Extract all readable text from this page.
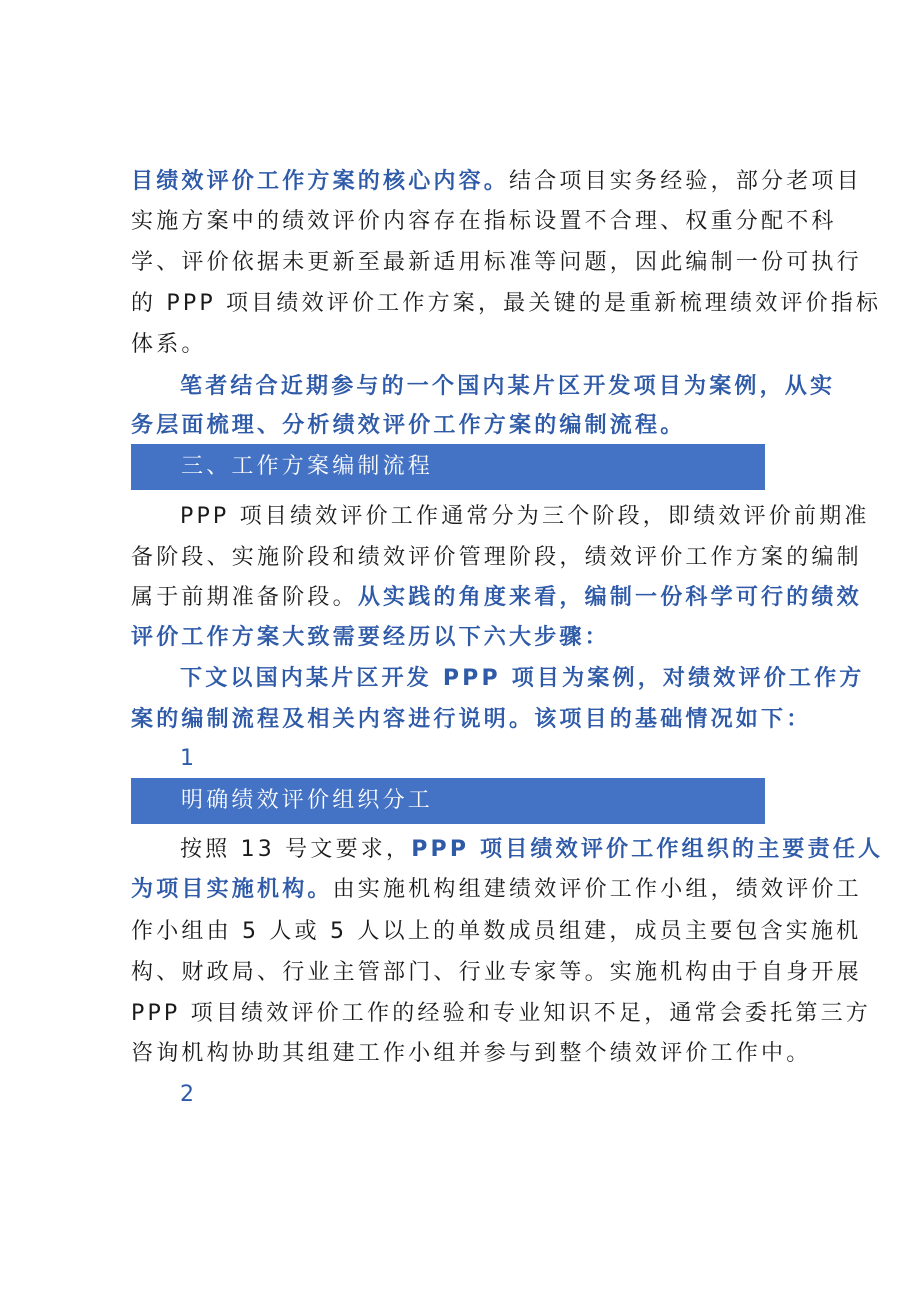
目绩效评价工作方案的核心内容。结合项目实务经验，部分老项目
实施方案中的绩效评价内容存在指标设置不合理、权重分配不科
学、评价依据未更新至最新适用标准等问题，因此编制一份可执行
的 PPP 项目绩效评价工作方案，最关键的是重新梳理绩效评价指标
体系。
笔者结合近期参与的一个国内某片区开发项目为案例，从实
务层面梳理、分析绩效评价工作方案的编制流程。
三、工作方案编制流程
PPP 项目绩效评价工作通常分为三个阶段，即绩效评价前期准
备阶段、实施阶段和绩效评价管理阶段，绩效评价工作方案的编制
属于前期准备阶段。从实践的角度来看，编制一份科学可行的绩效
评价工作方案大致需要经历以下六大步骤：
下文以国内某片区开发 PPP 项目为案例，对绩效评价工作方
案的编制流程及相关内容进行说明。该项目的基础情况如下：
1
明确绩效评价组织分工
按照 13 号文要求，PPP 项目绩效评价工作组织的主要责任人
为项目实施机构。由实施机构组建绩效评价工作小组，绩效评价工
作小组由 5 人或 5 人以上的单数成员组建，成员主要包含实施机
构、财政局、行业主管部门、行业专家等。实施机构由于自身开展
PPP 项目绩效评价工作的经验和专业知识不足，通常会委托第三方
咨询机构协助其组建工作小组并参与到整个绩效评价工作中。
2
